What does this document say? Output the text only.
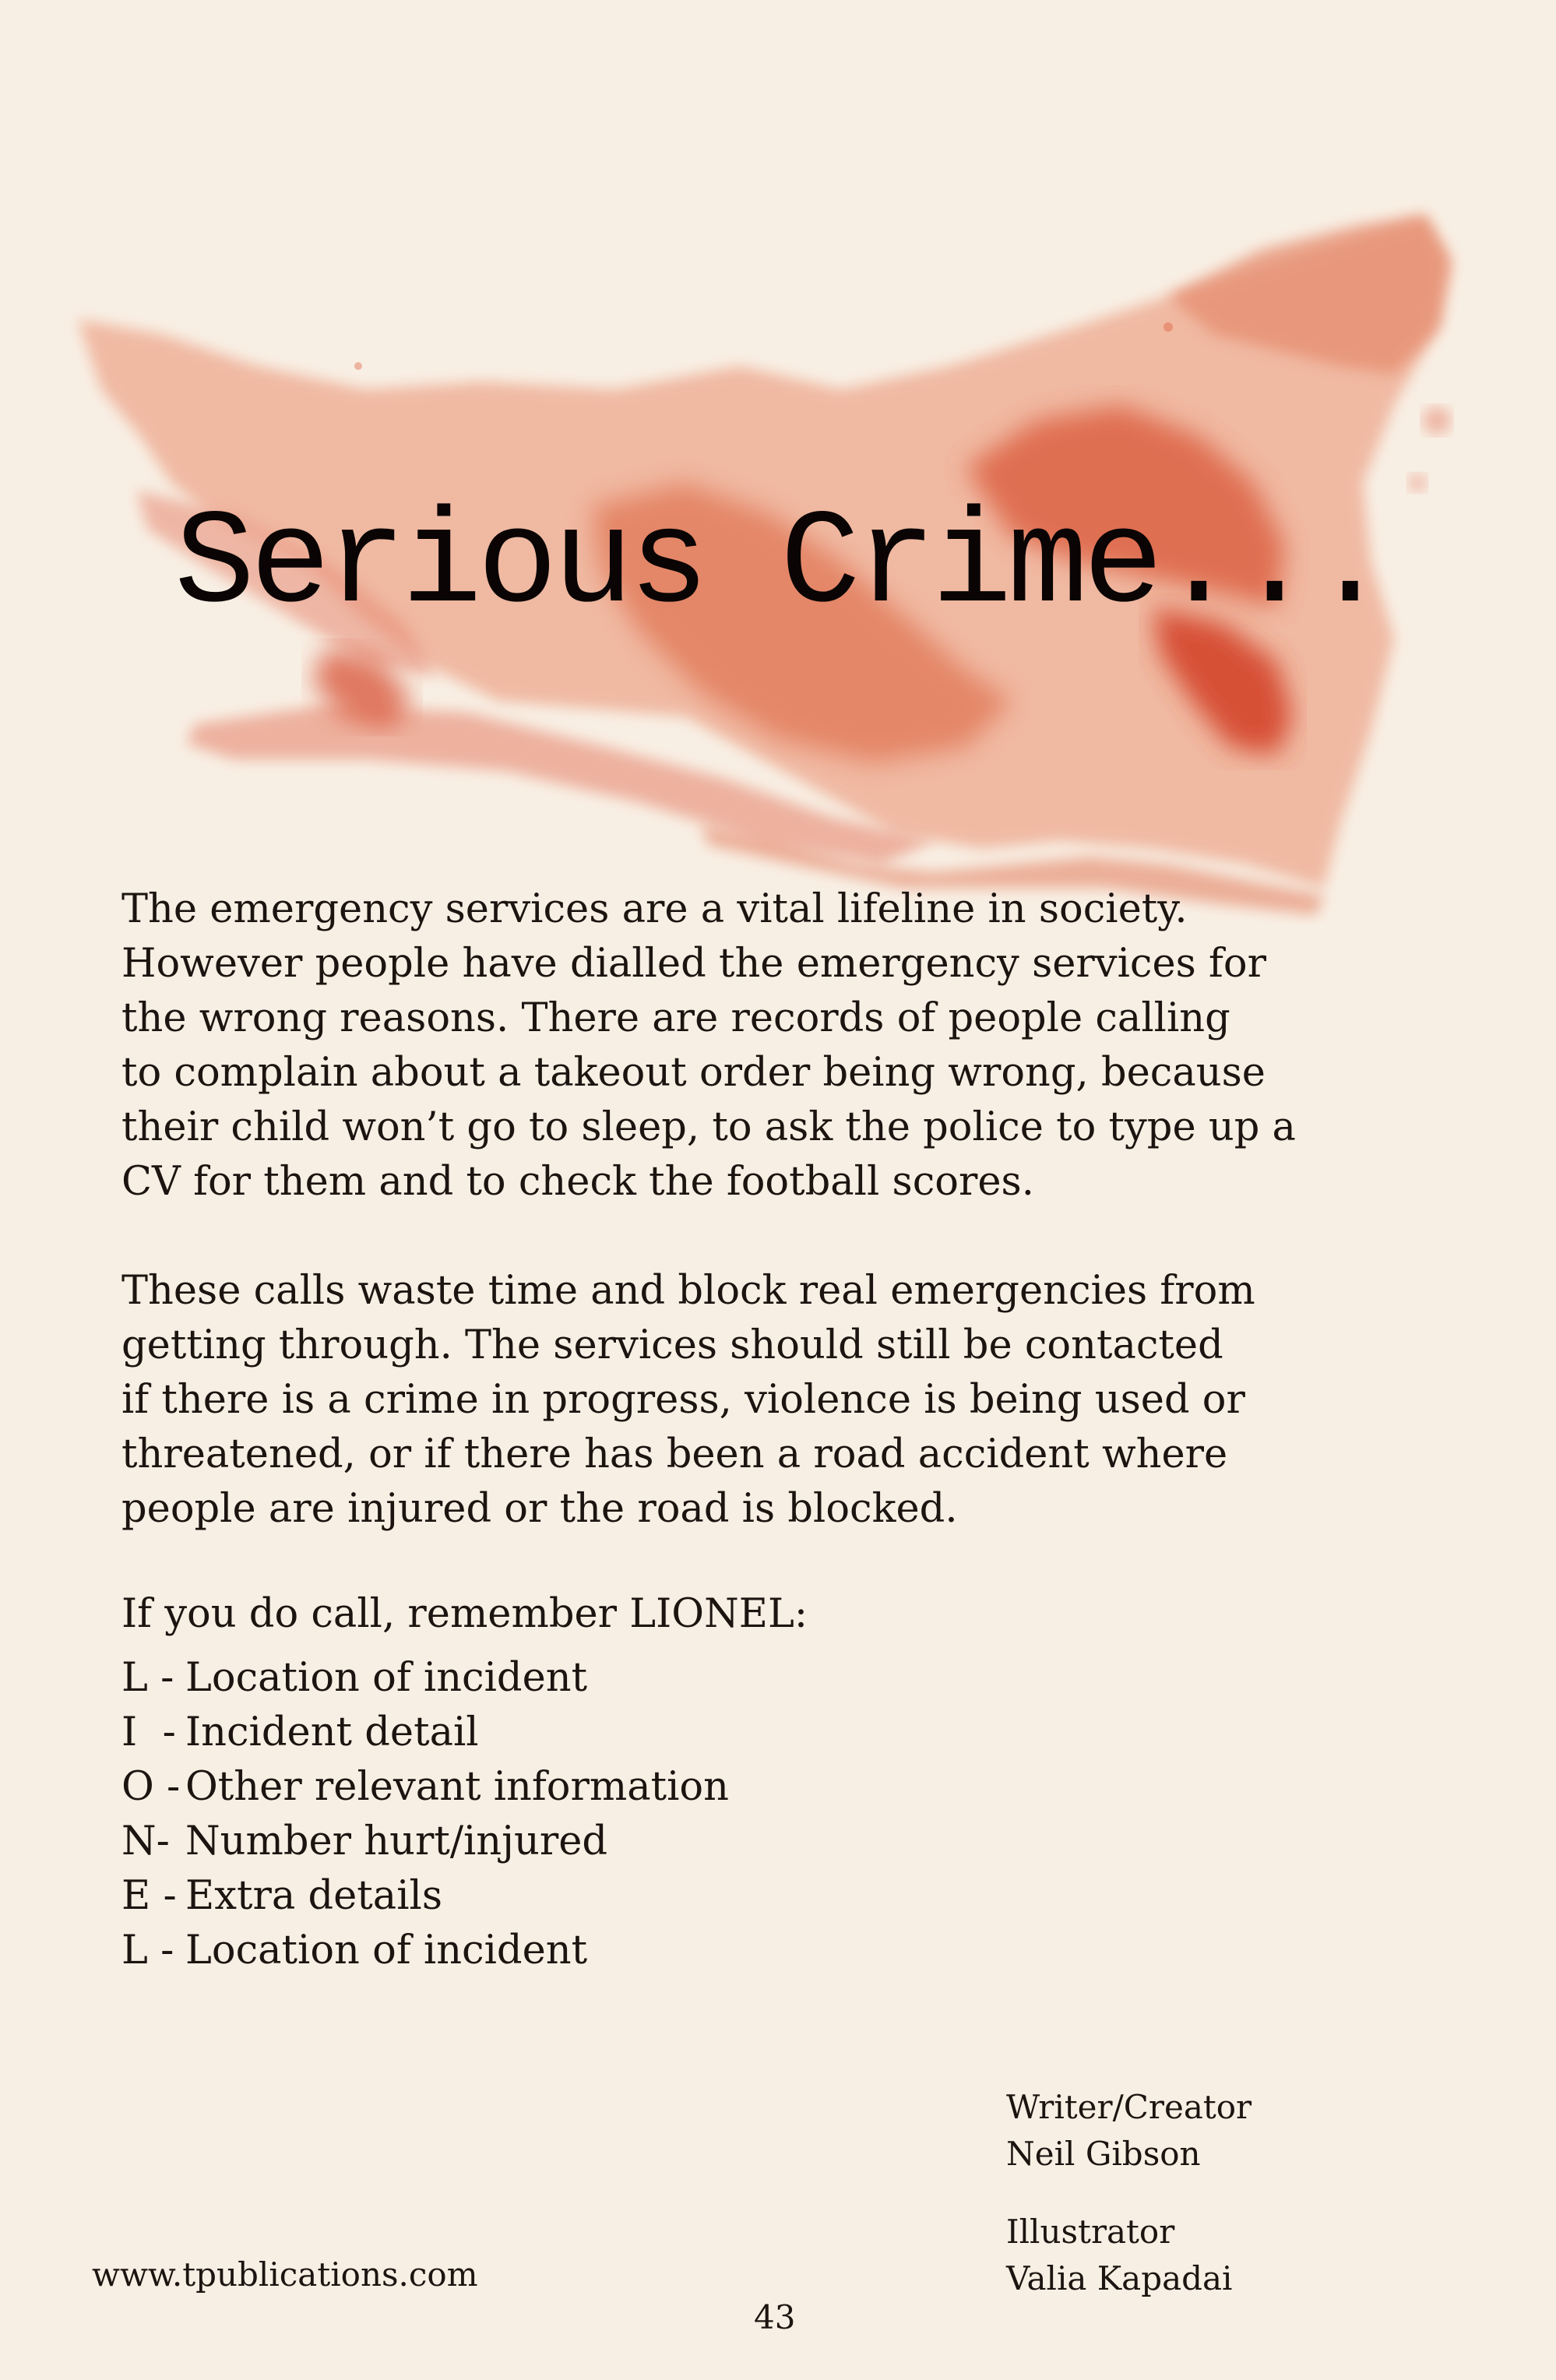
Serious Crime...

The emergency services are a vital lifeline in society.

However people have dialled the emergency services for

the wrong reasons. There are records of people calling

to complain about a takeout order being wrong, because

their child won’t go to sleep, to ask the police to type up a

CV for them and to check the football scores.

These calls waste time and block real emergencies from

getting through. The services should still be contacted

if there is a crime in progress, violence is being used or

threatened, or if there has been a road accident where

people are injured or the road is blocked.

If you do call, remember LIONEL:

L - Location of incident
I  - Incident detail
O - Other relevant information
N- Number hurt/injured
E - Extra details
L - Location of incident
Writer/Creator
Neil Gibson
Illustrator
Valia Kapadai
www.tpublications.com
43
